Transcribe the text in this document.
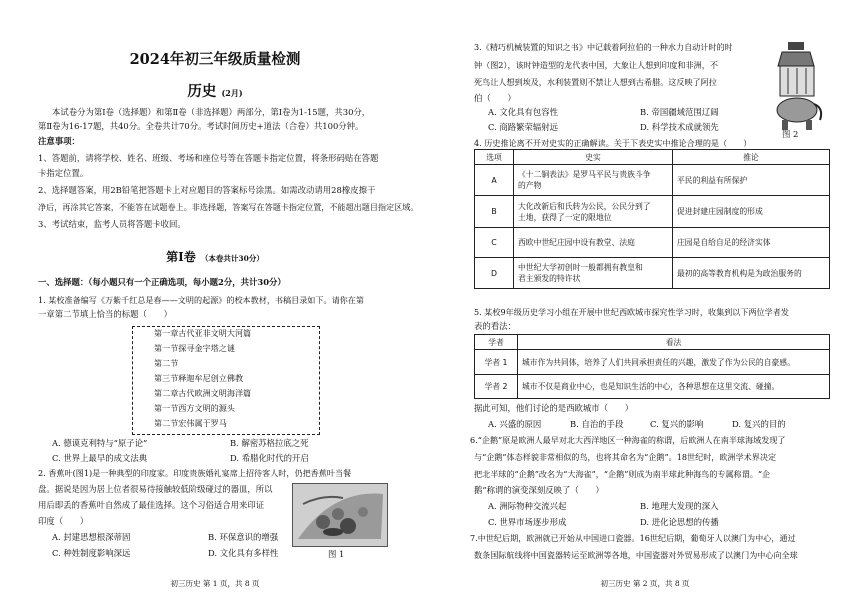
2024年初三年级质量检测
历史 (2月)
本试卷分为第Ⅰ卷（选择题）和第Ⅱ卷（非选择题）两部分，第Ⅰ卷为1-15题，共30分，
第Ⅱ卷为16-17题，共40分。全卷共计70分。考试时间历史+道法（合卷）共100分钟。
注意事项：
1、答题前，请将学校、姓名、班级、考场和座位号等在答题卡指定位置，将条形码贴在答题
卡指定位置。
2、选择题答案，用2B铅笔把答题卡上对应题目的答案标号涂黑。如需改动请用28橡皮擦干
净后，再涂其它答案，不能答在试题卷上。非选择题，答案写在答题卡指定位置，不能超出题目指定区域。
3、考试结束，监考人员将答题卡收回。
第Ⅰ卷 （本卷共计30分）
一、选择题：（每小题只有一个正确选项，每小题2分，共计30分）
1. 某校准备编写《万紫千红总是春——文明的起源》的校本教材，书稿目录如下。请你在第
一章第二节填上恰当的标题（　　）
第一章古代亚非文明大河篇
第一节探寻金字塔之谜
第二节
第三节释迦牟尼创立佛教
第二章古代欧洲文明海洋篇
第一节西方文明的源头
第二节宏伟属于罗马
A. 德谟克利特与“原子论”	B. 解密苏格拉底之死
C. 世界上最早的成文法典	D. 希腊化时代的开启
2. 香蕉叶(图1)是一种典型的印度家。印度贵族婚礼宴席上招待客人时，仍把香蕉叶当餐
盘。据说是因为居上位者很易待接触较低阶级碰过的器皿，所以
用后即丢的香蕉叶自然成了最佳选择。这个习俗适合用来印证
印度（　　）
A. 封建思想根深蒂固	B. 环保意识的增强
C. 种姓制度影响深远	D. 文化具有多样性	图 1
初三历史 第 1 页，共 8 页
3.《精巧机械装置的知识之书》中记载着阿拉伯的一种水力自动计时的时
钟（图2），该时钟造型的龙代表中国，大象让人想到印度和非洲，不
死鸟让人想到埃及，水利装置则不禁让人想到古希腊。这反映了阿拉
伯（　　）
A. 文化具有包容性	B. 帝国疆域范围辽阔
C. 商路繁荣辐射远	D. 科学技术成就领先
图 2
4. 历史推论离不开对史实的正确解读。关于下表史实中推论合理的是（　　）
选项	史实	推论
A	《十二铜表法》是罗马平民与贵族斗争
的产物	平民的利益有所保护
B	大化改新后和氏转为公民，公民分到了
土地，获得了一定的限地位	促进封建庄园制度的形成
C	西欧中世纪庄园中设有教堂、法庭	庄园是自给自足的经济实体
D	中世纪大学初创时一般都拥有教皇和
君主颁发的特许状	最初的高等教育机构是为政治服务的
5. 某校9年级历史学习小组在开展中世纪西欧城市探究性学习时，收集到以下两位学者发
表的看法：
学者	看法
学者 1	城市作为共同体，培养了人们共同承担责任的兴趣，激发了作为公民的自豪感。
学者 2	城市不仅是商业中心，也是知识生活的中心，各种思想在这里交流、碰撞。
据此可知，他们讨论的是西欧城市（　　）
A. 兴盛的原因	B. 自治的手段	C. 复兴的影响	D. 复兴的目的
6.“企鹅”原是欧洲人最早对北大西洋地区一种海雀的称谓，后欧洲人在南半球海域发现了
与“企鹅”体态样貌非常相似的鸟，也将其命名为“企鹅”。18世纪时，欧洲学术界决定
把北半球的“企鹅”改名为“大海雀”，“企鹅”则成为南半球此种海鸟的专属称谓。“企
鹅”称谓的演变深刻反映了（　　）
A. 洲际物种交流兴起	B. 地理大发现的深入
C. 世界市场逐步形成	D. 进化论思想的传播
7.中世纪后期，欧洲就已开始从中国进口瓷器。16世纪后期，葡萄牙人以澳门为中心，通过
数条国际航线将中国瓷器转运至欧洲等各地，中国瓷器对外贸易形成了以澳门为中心向全球
初三历史 第 2 页，共 8 页
